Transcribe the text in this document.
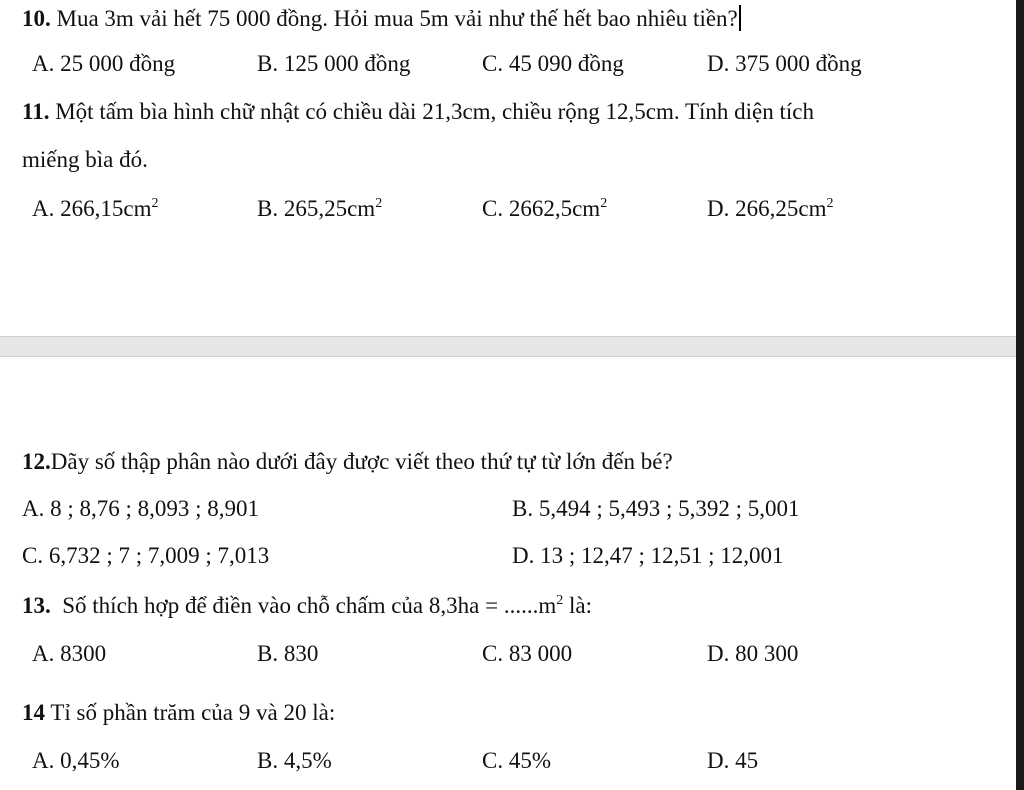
10. Mua 3m vải hết 75 000 đồng. Hỏi mua 5m vải như thế hết bao nhiêu tiền?
A. 25 000 đồng	B. 125 000 đồng	C. 45 090 đồng	D. 375 000 đồng
11. Một tấm bìa hình chữ nhật có chiều dài 21,3cm, chiều rộng 12,5cm. Tính diện tích
miếng bìa đó.
A. $266,15cm^2$	B. $265,25cm^2$	C. $2662,5cm^2$	D. $266,25cm^2$
12.Dãy số thập phân nào dưới đây được viết theo thứ tự từ lớn đến bé?
A. 8 ; 8,76 ; 8,093 ; 8,901	B. 5,494 ; 5,493 ; 5,392 ; 5,001
C. 6,732 ; 7 ; 7,009 ; 7,013	D. 13 ; 12,47 ; 12,51 ; 12,001
13. Số thích hợp để điền vào chỗ chấm của $8,3ha = ......m^2$ là:
A. 8300	B. 830	C. 83 000	D. 80 300
14 Tỉ số phần trăm của 9 và 20 là:
A. 0,45%	B. 4,5%	C. 45%	D. 45
